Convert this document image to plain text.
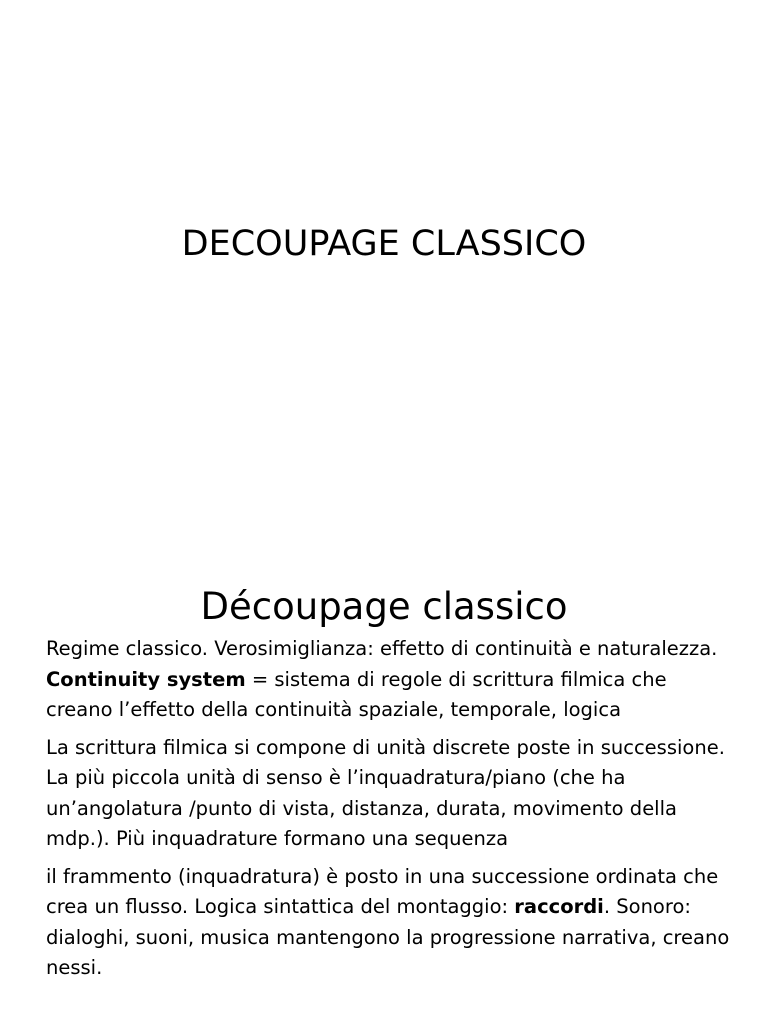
DECOUPAGE CLASSICO
Découpage classico

Regime classico. Verosimiglianza: effetto di continuità e naturalezza. Continuity system = sistema di regole di scrittura filmica che creano l’effetto della continuità spaziale, temporale, logica

La scrittura filmica si compone di unità discrete poste in successione. La più piccola unità di senso è l’inquadratura/piano (che ha un’angolatura /punto di vista, distanza, durata, movimento della mdp.). Più inquadrature formano una sequenza

il frammento (inquadratura) è posto in una successione ordinata che crea un flusso. Logica sintattica del montaggio: raccordi. Sonoro: dialoghi, suoni, musica mantengono la progressione narrativa, creano nessi.
